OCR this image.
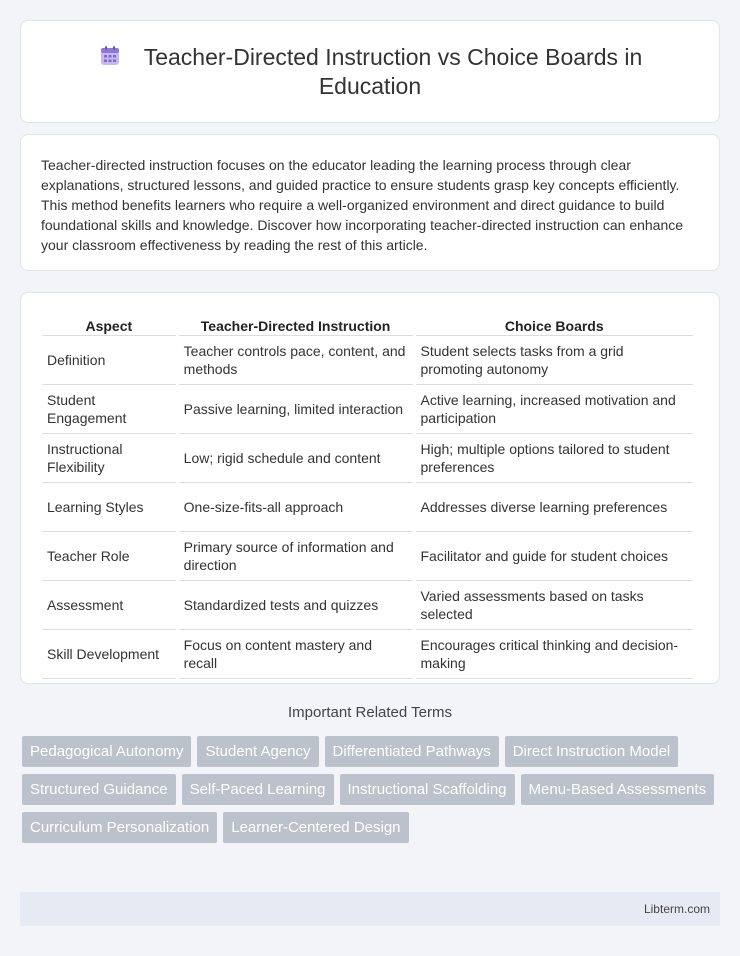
Teacher-Directed Instruction vs Choice Boards in Education

Teacher-directed instruction focuses on the educator leading the learning process through clear explanations, structured lessons, and guided practice to ensure students grasp key concepts efficiently. This method benefits learners who require a well-organized environment and direct guidance to build foundational skills and knowledge. Discover how incorporating teacher-directed instruction can enhance your classroom effectiveness by reading the rest of this article.

Aspect	Teacher-Directed Instruction	Choice Boards
Definition	Teacher controls pace, content, and methods	Student selects tasks from a grid promoting autonomy
Student Engagement	Passive learning, limited interaction	Active learning, increased motivation and participation
Instructional Flexibility	Low; rigid schedule and content	High; multiple options tailored to student preferences
Learning Styles	One-size-fits-all approach	Addresses diverse learning preferences
Teacher Role	Primary source of information and direction	Facilitator and guide for student choices
Assessment	Standardized tests and quizzes	Varied assessments based on tasks selected
Skill Development	Focus on content mastery and recall	Encourages critical thinking and decision-making
Important Related Terms
Pedagogical Autonomy	Student Agency	Differentiated Pathways	Direct Instruction Model
Structured Guidance	Self-Paced Learning	Instructional Scaffolding	Menu-Based Assessments
Curriculum Personalization	Learner-Centered Design
Libterm.com
